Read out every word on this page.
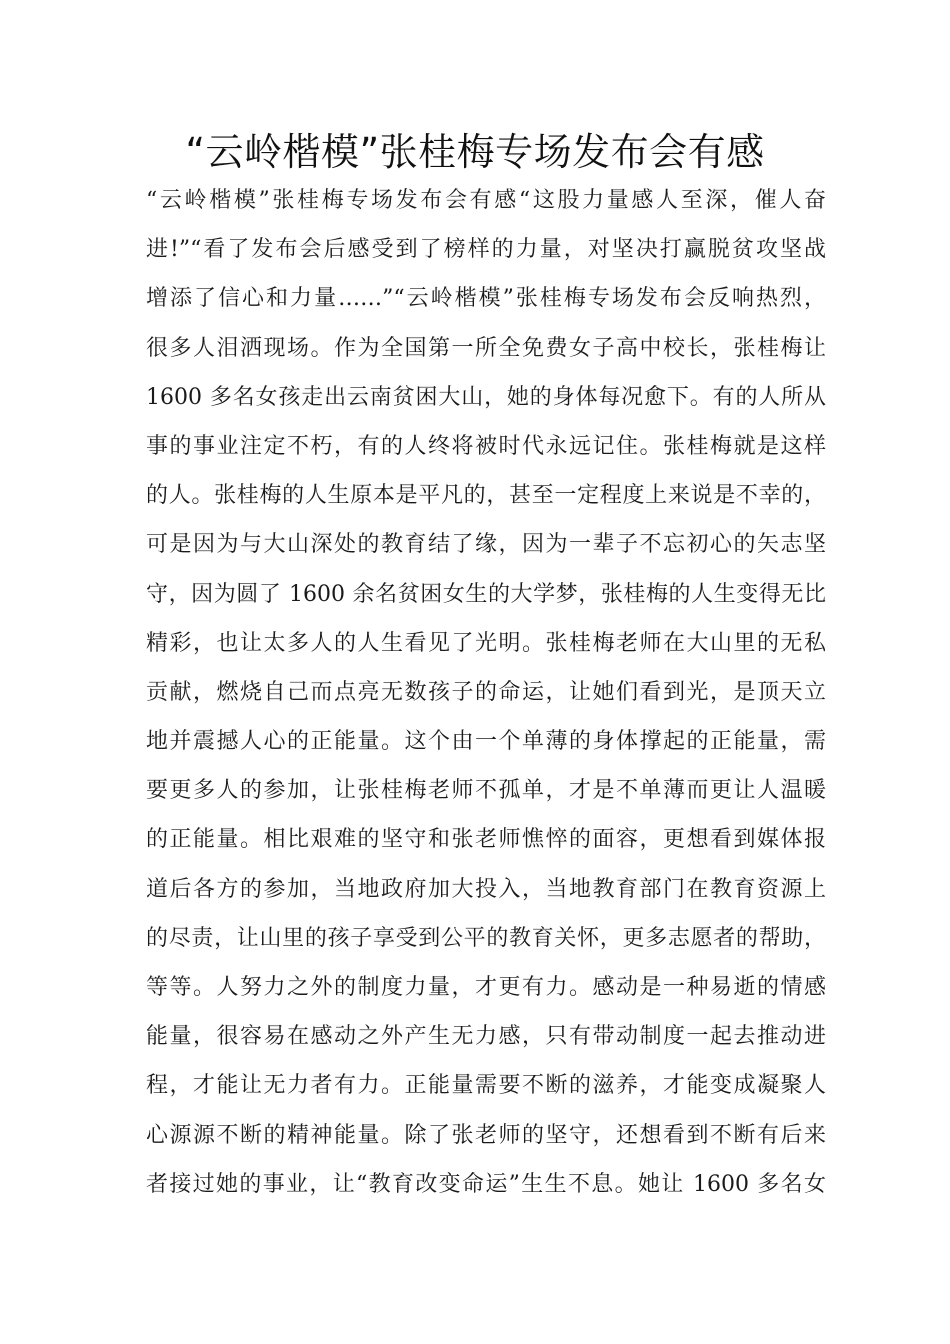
“云岭楷模”张桂梅专场发布会有感
“云岭楷模”张桂梅专场发布会有感“这股力量感人至深，催人奋
进!”“看了发布会后感受到了榜样的力量，对坚决打赢脱贫攻坚战
增添了信心和力量……”“云岭楷模”张桂梅专场发布会反响热烈，
很多人泪洒现场。作为全国第一所全免费女子高中校长，张桂梅让
1600 多名女孩走出云南贫困大山，她的身体每况愈下。有的人所从
事的事业注定不朽，有的人终将被时代永远记住。张桂梅就是这样
的人。张桂梅的人生原本是平凡的，甚至一定程度上来说是不幸的，
可是因为与大山深处的教育结了缘，因为一辈子不忘初心的矢志坚
守，因为圆了 1600 余名贫困女生的大学梦，张桂梅的人生变得无比
精彩，也让太多人的人生看见了光明。张桂梅老师在大山里的无私
贡献，燃烧自己而点亮无数孩子的命运，让她们看到光，是顶天立
地并震撼人心的正能量。这个由一个单薄的身体撑起的正能量，需
要更多人的参加，让张桂梅老师不孤单，才是不单薄而更让人温暖
的正能量。相比艰难的坚守和张老师憔悴的面容，更想看到媒体报
道后各方的参加，当地政府加大投入，当地教育部门在教育资源上
的尽责，让山里的孩子享受到公平的教育关怀，更多志愿者的帮助，
等等。人努力之外的制度力量，才更有力。感动是一种易逝的情感
能量，很容易在感动之外产生无力感，只有带动制度一起去推动进
程，才能让无力者有力。正能量需要不断的滋养，才能变成凝聚人
心源源不断的精神能量。除了张老师的坚守，还想看到不断有后来
者接过她的事业，让“教育改变命运”生生不息。她让 1600 多名女
